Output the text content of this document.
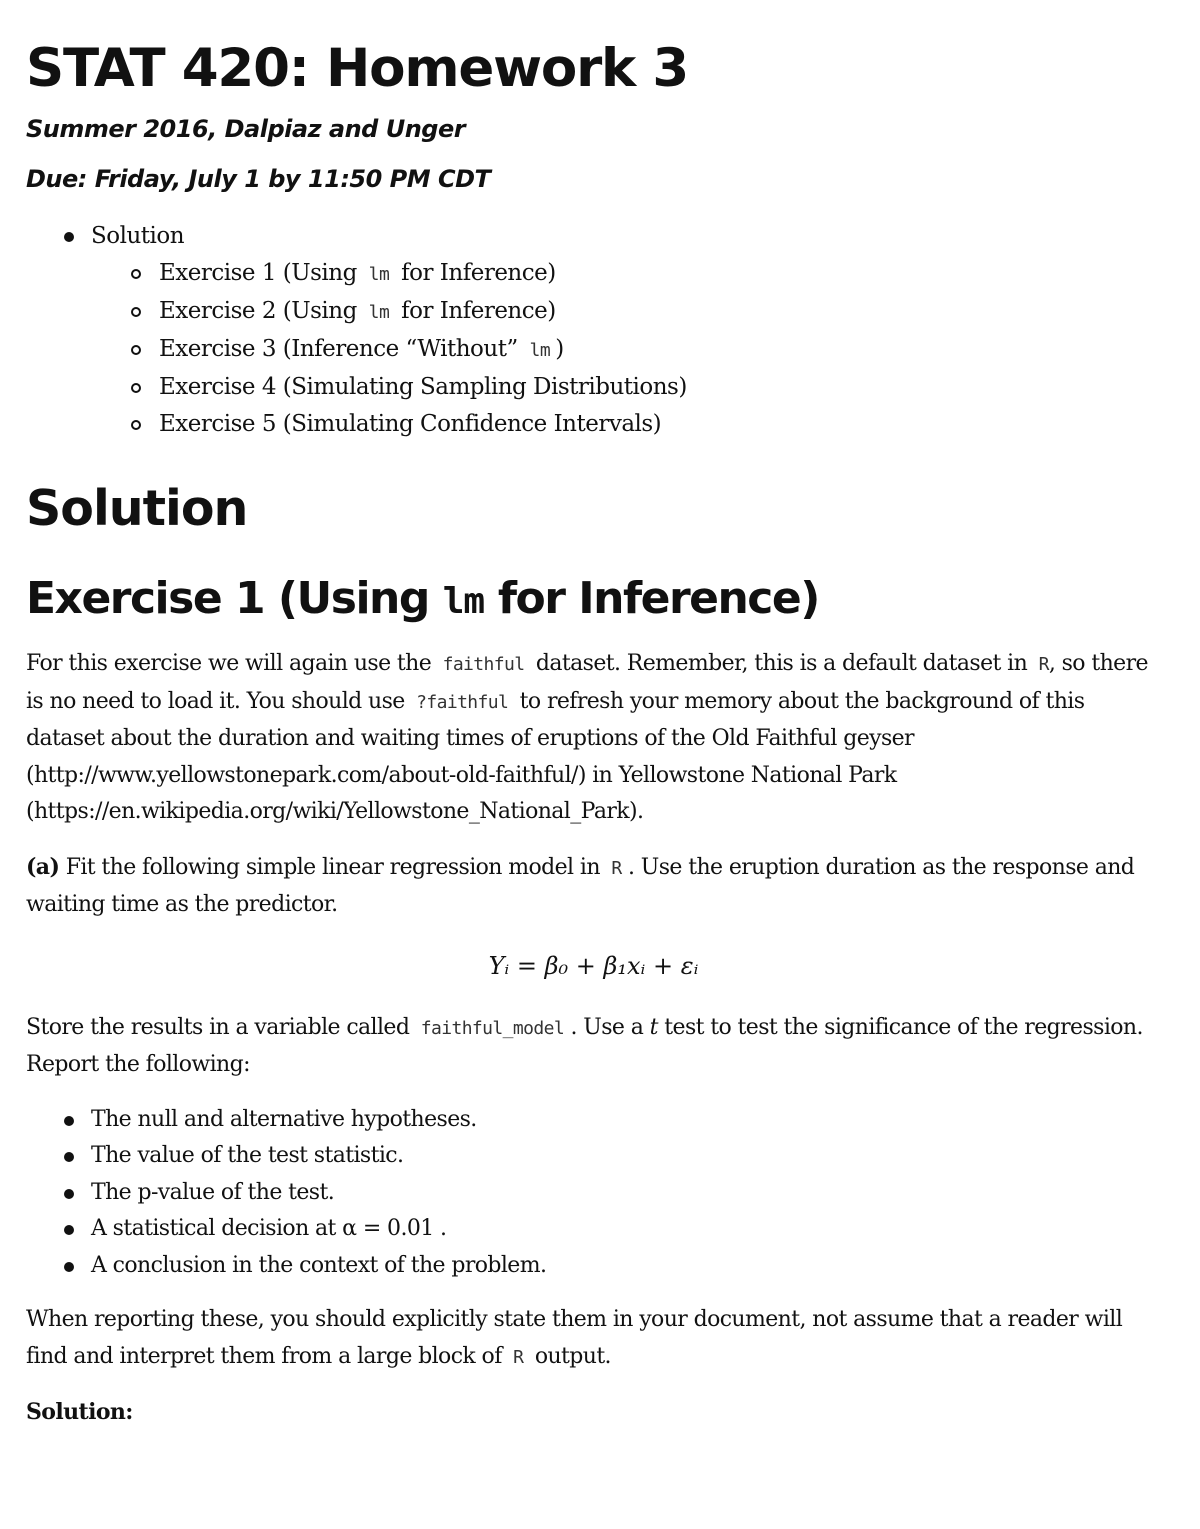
STAT 420: Homework 3
Summer 2016, Dalpiaz and Unger
Due: Friday, July 1 by 11:50 PM CDT
Solution
Exercise 1 (Using lm for Inference)
Exercise 2 (Using lm for Inference)
Exercise 3 (Inference “Without” lm )
Exercise 4 (Simulating Sampling Distributions)
Exercise 5 (Simulating Confidence Intervals)
Solution
Exercise 1 (Using lm for Inference)

For this exercise we will again use the faithful dataset. Remember, this is a default dataset in R, so there is no need to load it. You should use ?faithful to refresh your memory about the background of this dataset about the duration and waiting times of eruptions of the Old Faithful geyser (http://www.yellowstonepark.com/about-old-faithful/) in Yellowstone National Park (https://en.wikipedia.org/wiki/Yellowstone_National_Park).

(a) Fit the following simple linear regression model in R . Use the eruption duration as the response and waiting time as the predictor.

Yᵢ = β₀ + β₁xᵢ + εᵢ

Store the results in a variable called faithful_model . Use a t test to test the significance of the regression. Report the following:

The null and alternative hypotheses.
The value of the test statistic.
The p-value of the test.
A statistical decision at α = 0.01 .
A conclusion in the context of the problem.

When reporting these, you should explicitly state them in your document, not assume that a reader will find and interpret them from a large block of R output.

Solution:
